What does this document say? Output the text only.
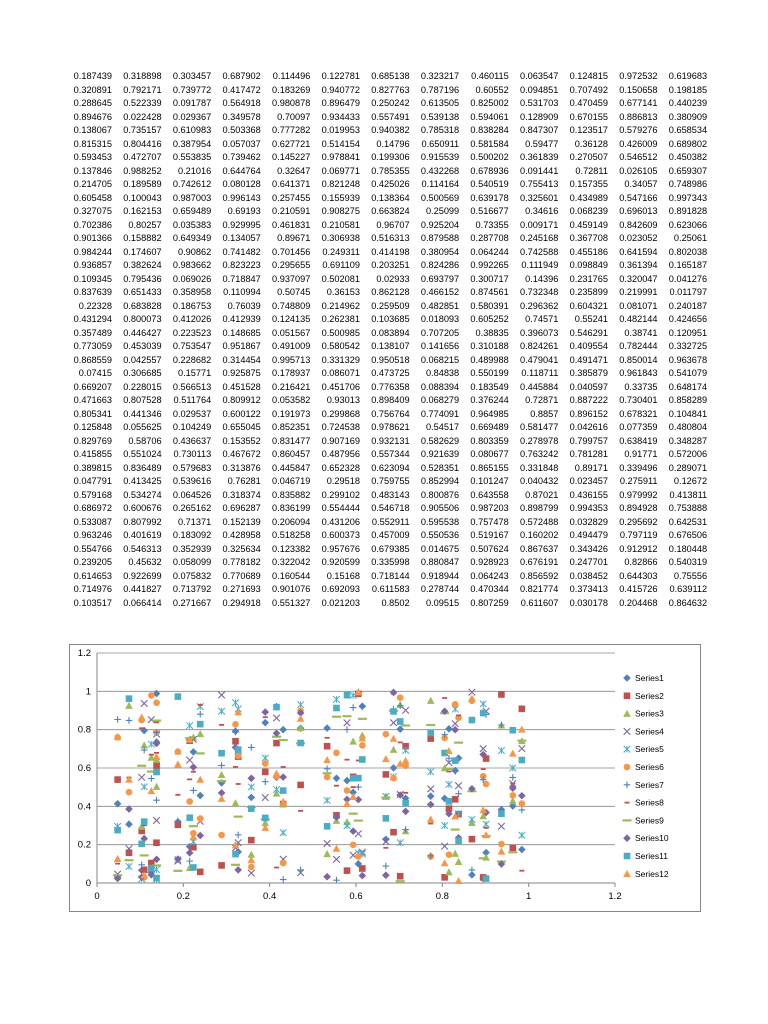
0.187439	0.318898	0.303457	0.687902	0.114496	0.122781	0.685138	0.323217	0.460115	0.063547	0.124815	0.972532	0.619683
0.320891	0.792171	0.739772	0.417472	0.183269	0.940772	0.827763	0.787196	0.60552	0.094851	0.707492	0.150658	0.198185
0.288645	0.522339	0.091787	0.564918	0.980878	0.896479	0.250242	0.613505	0.825002	0.531703	0.470459	0.677141	0.440239
0.894676	0.022428	0.029367	0.349578	0.70097	0.934433	0.557491	0.539138	0.594061	0.128909	0.670155	0.886813	0.380909
0.138067	0.735157	0.610983	0.503368	0.777282	0.019953	0.940382	0.785318	0.838284	0.847307	0.123517	0.579276	0.658534
0.815315	0.804416	0.387954	0.057037	0.627721	0.514154	0.14796	0.650911	0.581584	0.59477	0.36128	0.426009	0.689802
0.593453	0.472707	0.553835	0.739462	0.145227	0.978841	0.199306	0.915539	0.500202	0.361839	0.270507	0.546512	0.450382
0.137846	0.988252	0.21016	0.644764	0.32647	0.069771	0.785355	0.432268	0.678936	0.091441	0.72811	0.026105	0.659307
0.214705	0.189589	0.742612	0.080128	0.641371	0.821248	0.425026	0.114164	0.540519	0.755413	0.157355	0.34057	0.748986
0.605458	0.100043	0.987003	0.996143	0.257455	0.155939	0.138364	0.500569	0.639178	0.325601	0.434989	0.547166	0.997343
0.327075	0.162153	0.659489	0.69193	0.210591	0.908275	0.663824	0.25099	0.516677	0.34616	0.068239	0.696013	0.891828
0.702386	0.80257	0.035383	0.929995	0.461831	0.210581	0.96707	0.925204	0.73355	0.009171	0.459149	0.842609	0.623066
0.901366	0.158882	0.649349	0.134057	0.89671	0.306938	0.516313	0.879588	0.287708	0.245168	0.367708	0.023052	0.25061
0.984244	0.174607	0.90862	0.741482	0.701456	0.249311	0.414198	0.380954	0.064244	0.742588	0.455186	0.641594	0.802038
0.936857	0.382624	0.983662	0.823223	0.295655	0.691109	0.203251	0.824286	0.992265	0.111949	0.098849	0.361394	0.165187
0.109345	0.795436	0.069026	0.718847	0.937097	0.502081	0.02933	0.693797	0.300717	0.14396	0.231765	0.320047	0.041276
0.837639	0.651433	0.358958	0.110994	0.50745	0.36153	0.862128	0.466152	0.874561	0.732348	0.235899	0.219991	0.011797
0.22328	0.683828	0.186753	0.76039	0.748809	0.214962	0.259509	0.482851	0.580391	0.296362	0.604321	0.081071	0.240187
0.431294	0.800073	0.412026	0.412939	0.124135	0.262381	0.103685	0.018093	0.605252	0.74571	0.55241	0.482144	0.424656
0.357489	0.446427	0.223523	0.148685	0.051567	0.500985	0.083894	0.707205	0.38835	0.396073	0.546291	0.38741	0.120951
0.773059	0.453039	0.753547	0.951867	0.491009	0.580542	0.138107	0.141656	0.310188	0.824261	0.409554	0.782444	0.332725
0.868559	0.042557	0.228682	0.314454	0.995713	0.331329	0.950518	0.068215	0.489988	0.479041	0.491471	0.850014	0.963678
0.07415	0.306685	0.15771	0.925875	0.178937	0.086071	0.473725	0.84838	0.550199	0.118711	0.385879	0.961843	0.541079
0.669207	0.228015	0.566513	0.451528	0.216421	0.451706	0.776358	0.088394	0.183549	0.445884	0.040597	0.33735	0.648174
0.471663	0.807528	0.511764	0.809912	0.053582	0.93013	0.898409	0.068279	0.376244	0.72871	0.887222	0.730401	0.858289
0.805341	0.441346	0.029537	0.600122	0.191973	0.299868	0.756764	0.774091	0.964985	0.8857	0.896152	0.678321	0.104841
0.125848	0.055625	0.104249	0.655045	0.852351	0.724538	0.978621	0.54517	0.669489	0.581477	0.042616	0.077359	0.480804
0.829769	0.58706	0.436637	0.153552	0.831477	0.907169	0.932131	0.582629	0.803359	0.278978	0.799757	0.638419	0.348287
0.415855	0.551024	0.730113	0.467672	0.860457	0.487956	0.557344	0.921639	0.080677	0.763242	0.781281	0.91771	0.572006
0.389815	0.836489	0.579683	0.313876	0.445847	0.652328	0.623094	0.528351	0.865155	0.331848	0.89171	0.339496	0.289071
0.047791	0.413425	0.539616	0.76281	0.046719	0.29518	0.759755	0.852994	0.101247	0.040432	0.023457	0.275911	0.12672
0.579168	0.534274	0.064526	0.318374	0.835882	0.299102	0.483143	0.800876	0.643558	0.87021	0.436155	0.979992	0.413811
0.686972	0.600676	0.265162	0.696287	0.836199	0.554444	0.546718	0.905506	0.987203	0.898799	0.994353	0.894928	0.753888
0.533087	0.807992	0.71371	0.152139	0.206094	0.431206	0.552911	0.595538	0.757478	0.572488	0.032829	0.295692	0.642531
0.963246	0.401619	0.183092	0.428958	0.518258	0.600373	0.457009	0.550536	0.519167	0.160202	0.494479	0.797119	0.676506
0.554766	0.546313	0.352939	0.325634	0.123382	0.957676	0.679385	0.014675	0.507624	0.867637	0.343426	0.912912	0.180448
0.239205	0.45632	0.058099	0.778182	0.322042	0.920599	0.335998	0.880847	0.928923	0.676191	0.247701	0.82866	0.540319
0.614653	0.922699	0.075832	0.770689	0.160544	0.15168	0.718144	0.918944	0.064243	0.856592	0.038452	0.644303	0.75556
0.714976	0.441827	0.713792	0.271693	0.901076	0.692093	0.611583	0.278744	0.470344	0.821774	0.373413	0.415726	0.639112
0.103517	0.066414	0.271667	0.294918	0.551327	0.021203	0.8502	0.09515	0.807259	0.611607	0.030178	0.204468	0.864632
0
0.2
0.4
0.6
0.8
1
1.2
0	0.2	0.4	0.6	0.8	1	1.2
Series1
Series2
Series3
Series4
Series5
Series6
Series7
Series8
Series9
Series10
Series11
Series12
